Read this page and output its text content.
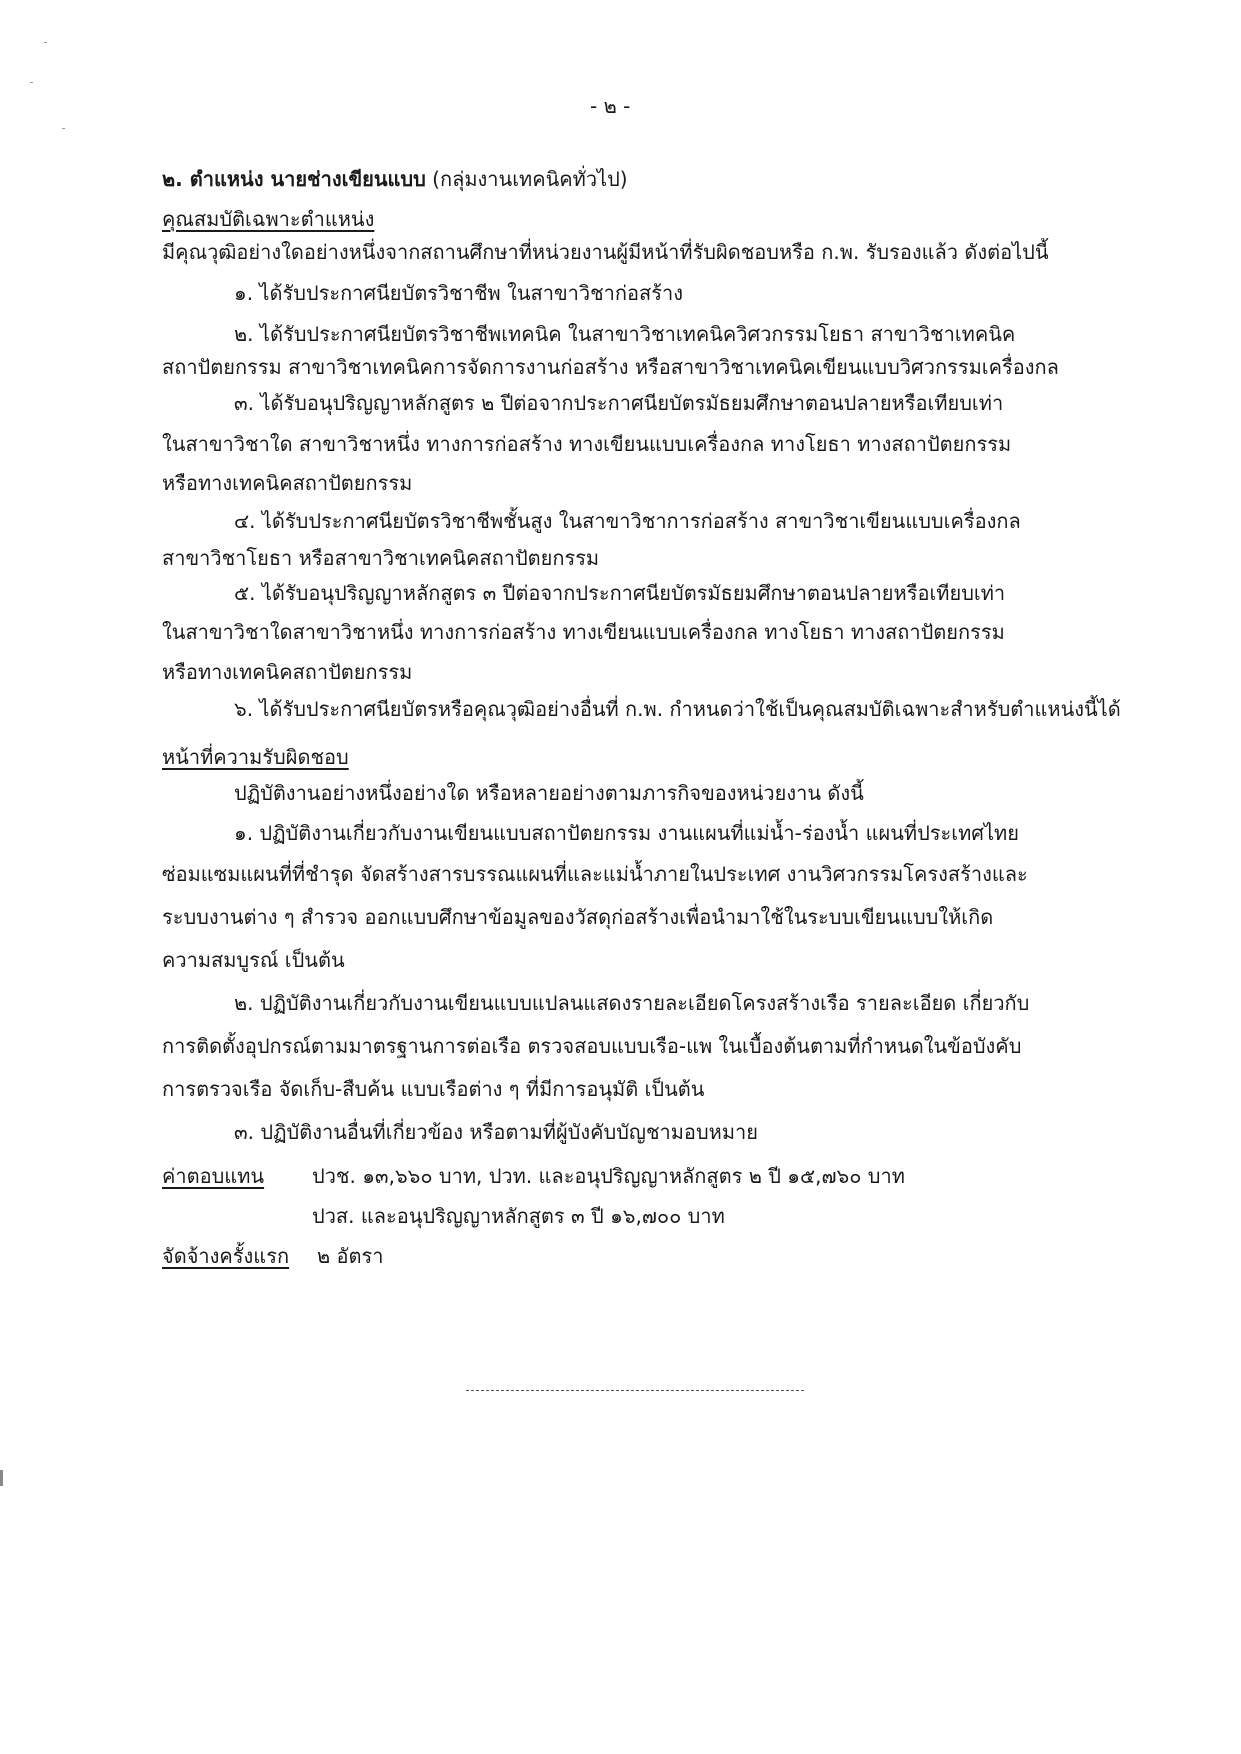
- ๒ -
๒. ตำแหน่ง นายช่างเขียนแบบ (กลุ่มงานเทคนิคทั่วไป)
คุณสมบัติเฉพาะตำแหน่ง
มีคุณวุฒิอย่างใดอย่างหนึ่งจากสถานศึกษาที่หน่วยงานผู้มีหน้าที่รับผิดชอบหรือ ก.พ. รับรองแล้ว ดังต่อไปนี้
๑. ได้รับประกาศนียบัตรวิชาชีพ ในสาขาวิชาก่อสร้าง
๒. ได้รับประกาศนียบัตรวิชาชีพเทคนิค ในสาขาวิชาเทคนิควิศวกรรมโยธา สาขาวิชาเทคนิค
สถาปัตยกรรม สาขาวิชาเทคนิคการจัดการงานก่อสร้าง หรือสาขาวิชาเทคนิคเขียนแบบวิศวกรรมเครื่องกล
๓. ได้รับอนุปริญญาหลักสูตร ๒ ปีต่อจากประกาศนียบัตรมัธยมศึกษาตอนปลายหรือเทียบเท่า
ในสาขาวิชาใด สาขาวิชาหนึ่ง ทางการก่อสร้าง ทางเขียนแบบเครื่องกล ทางโยธา ทางสถาปัตยกรรม
หรือทางเทคนิคสถาปัตยกรรม
๔. ได้รับประกาศนียบัตรวิชาชีพชั้นสูง ในสาขาวิชาการก่อสร้าง สาขาวิชาเขียนแบบเครื่องกล
สาขาวิชาโยธา หรือสาขาวิชาเทคนิคสถาปัตยกรรม
๕. ได้รับอนุปริญญาหลักสูตร ๓ ปีต่อจากประกาศนียบัตรมัธยมศึกษาตอนปลายหรือเทียบเท่า
ในสาขาวิชาใดสาขาวิชาหนึ่ง ทางการก่อสร้าง ทางเขียนแบบเครื่องกล ทางโยธา ทางสถาปัตยกรรม
หรือทางเทคนิคสถาปัตยกรรม
๖. ได้รับประกาศนียบัตรหรือคุณวุฒิอย่างอื่นที่ ก.พ. กำหนดว่าใช้เป็นคุณสมบัติเฉพาะสำหรับตำแหน่งนี้ได้
หน้าที่ความรับผิดชอบ
ปฏิบัติงานอย่างหนึ่งอย่างใด หรือหลายอย่างตามภารกิจของหน่วยงาน ดังนี้
๑. ปฏิบัติงานเกี่ยวกับงานเขียนแบบสถาปัตยกรรม งานแผนที่แม่น้ำ-ร่องน้ำ แผนที่ประเทศไทย
ซ่อมแซมแผนที่ที่ชำรุด จัดสร้างสารบรรณแผนที่และแม่น้ำภายในประเทศ งานวิศวกรรมโครงสร้างและ
ระบบงานต่าง ๆ สำรวจ ออกแบบศึกษาข้อมูลของวัสดุก่อสร้างเพื่อนำมาใช้ในระบบเขียนแบบให้เกิด
ความสมบูรณ์ เป็นต้น
๒. ปฏิบัติงานเกี่ยวกับงานเขียนแบบแปลนแสดงรายละเอียดโครงสร้างเรือ รายละเอียด เกี่ยวกับ
การติดตั้งอุปกรณ์ตามมาตรฐานการต่อเรือ ตรวจสอบแบบเรือ-แพ ในเบื้องต้นตามที่กำหนดในข้อบังคับ
การตรวจเรือ จัดเก็บ-สืบค้น แบบเรือต่าง ๆ ที่มีการอนุมัติ เป็นต้น
๓. ปฏิบัติงานอื่นที่เกี่ยวข้อง หรือตามที่ผู้บังคับบัญชามอบหมาย
ค่าตอบแทน ปวช. ๑๓,๖๖๐ บาท, ปวท. และอนุปริญญาหลักสูตร ๒ ปี ๑๕,๗๖๐ บาท
ปวส. และอนุปริญญาหลักสูตร ๓ ปี ๑๖,๗๐๐ บาท
จัดจ้างครั้งแรก ๒ อัตรา
